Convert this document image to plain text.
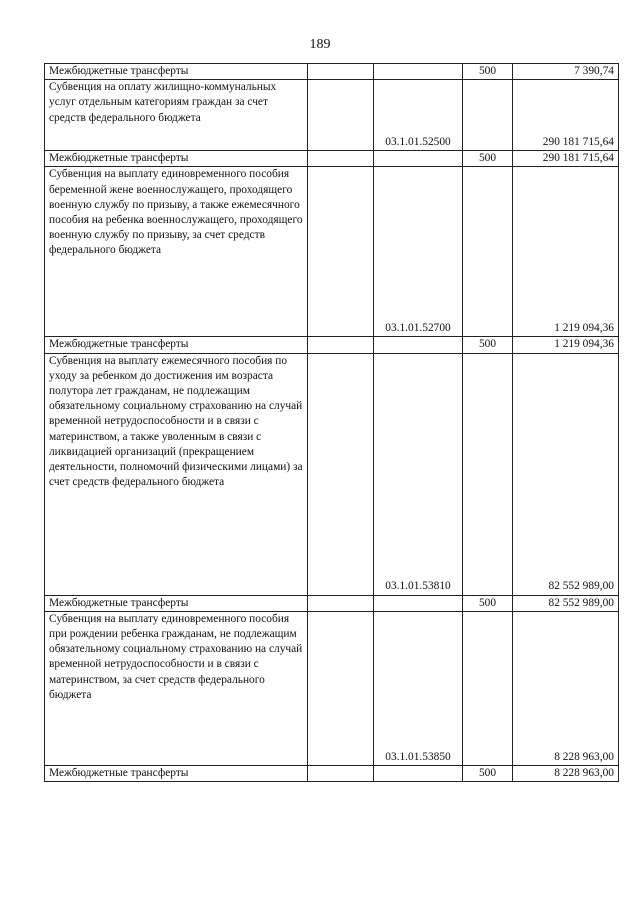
189
Межбюджетные трансферты			500	7 390,74
Субвенция на оплату жилищно-коммунальных услуг отдельным категориям граждан за счет средств федерального бюджета		03.1.01.52500		290 181 715,64
Межбюджетные трансферты			500	290 181 715,64
Субвенция на выплату единовременного пособия беременной жене военнослужащего, проходящего военную службу по призыву, а также ежемесячного пособия на ребенка военнослужащего, проходящего военную службу по призыву, за счет средств федерального бюджета		03.1.01.52700		1 219 094,36
Межбюджетные трансферты			500	1 219 094,36
Субвенция на выплату ежемесячного пособия по уходу за ребенком до достижения им возраста полутора лет гражданам, не подлежащим обязательному социальному страхованию на случай временной нетрудоспособности и в связи с материнством, а также уволенным в связи с ликвидацией организаций (прекращением деятельности, полномочий физическими лицами) за счет средств федерального бюджета		03.1.01.53810		82 552 989,00
Межбюджетные трансферты			500	82 552 989,00
Субвенция на выплату единовременного пособия при рождении ребенка гражданам, не подлежащим обязательному социальному страхованию на случай временной нетрудоспособности и в связи с материнством, за счет средств федерального бюджета		03.1.01.53850		8 228 963,00
Межбюджетные трансферты			500	8 228 963,00
